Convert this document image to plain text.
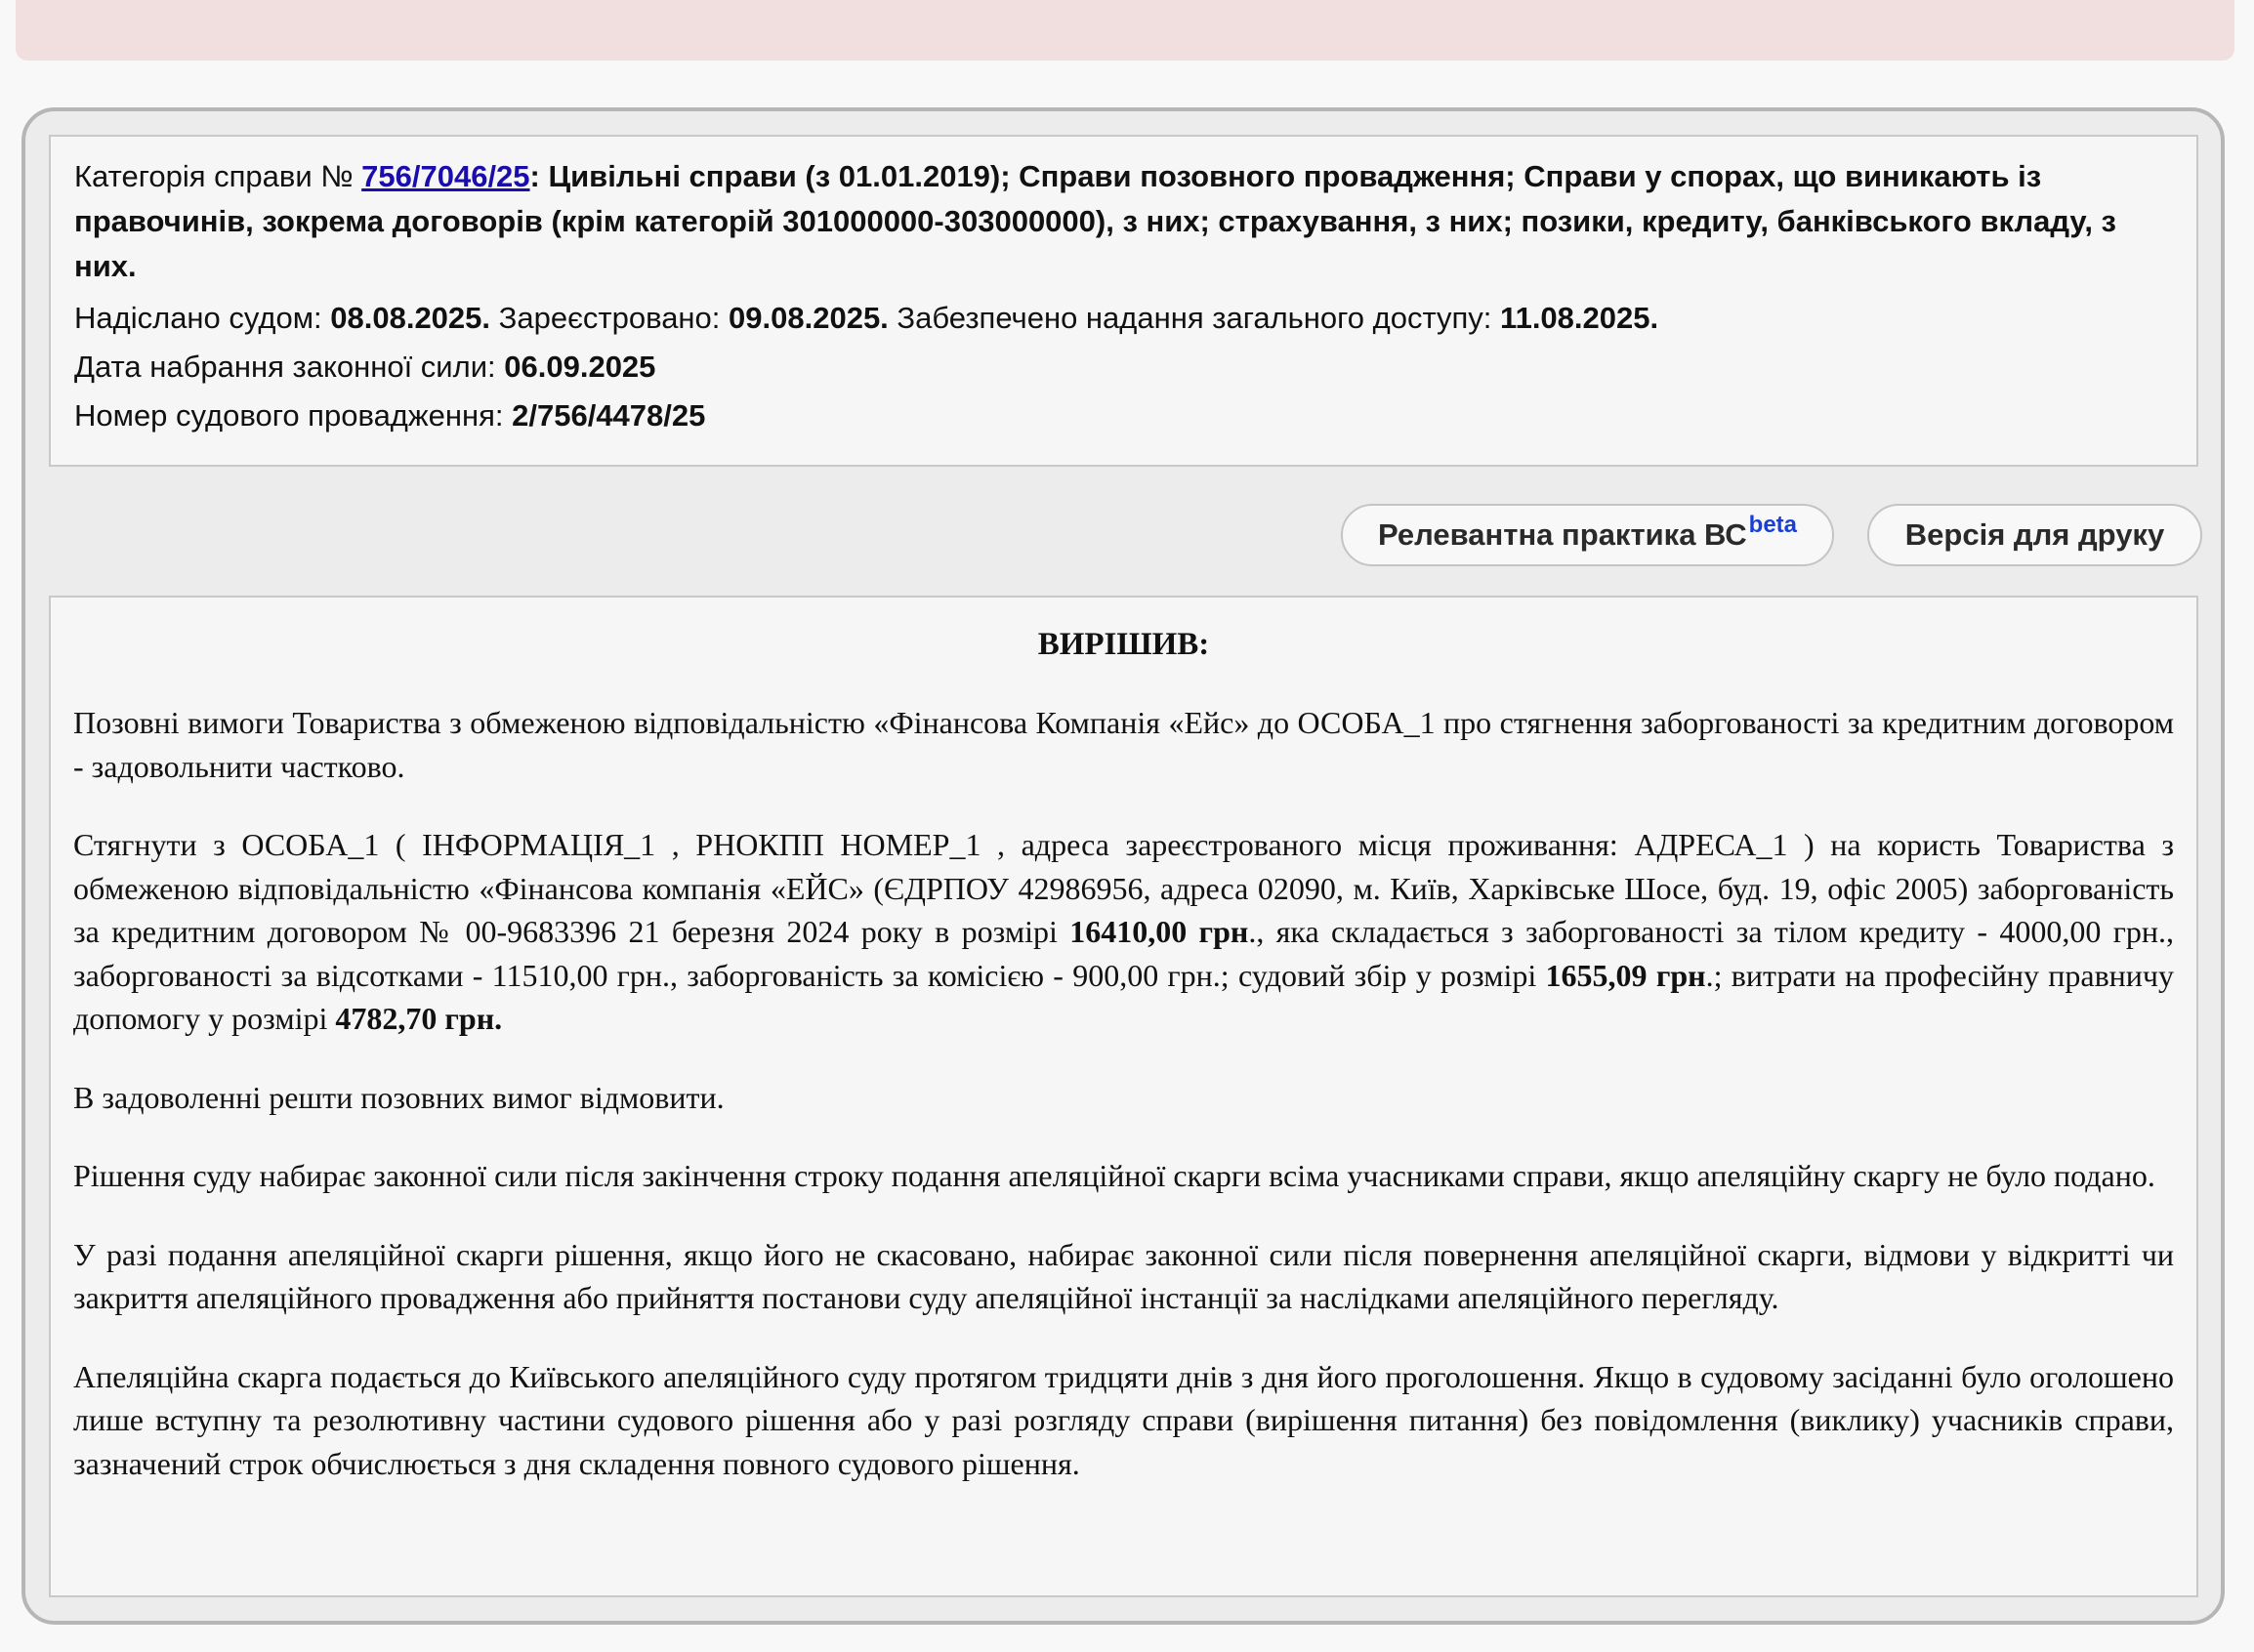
Категорія справи № 756/7046/25: Цивільні справи (з 01.01.2019); Справи позовного провадження; Справи у спорах, що виникають із правочинів, зокрема договорів (крім категорій 301000000-303000000), з них; страхування, з них; позики, кредиту, банківського вкладу, з них.

Надіслано судом: 08.08.2025. Зареєстровано: 09.08.2025. Забезпечено надання загального доступу: 11.08.2025.

Дата набрання законної сили: 06.09.2025

Номер судового провадження: 2/756/4478/25

Релевантна практика $ВС^{beta}$	Версія для друку
ВИРІШИВ:

Позовні вимоги Товариства з обмеженою відповідальністю «Фінансова Компанія «Ейс» до ОСОБА_1 про стягнення заборгованості за кредитним договором - задовольнити частково.

Стягнути з ОСОБА_1 ( ІНФОРМАЦІЯ_1 , РНОКПП НОМЕР_1 , адреса зареєстрованого місця проживання: АДРЕСА_1 ) на користь Товариства з обмеженою відповідальністю «Фінансова компанія «ЕЙС» (ЄДРПОУ 42986956, адреса 02090, м. Київ, Харківське Шосе, буд. 19, офіс 2005) заборгованість за кредитним договором № 00-9683396 21 березня 2024 року в розмірі 16410,00 грн., яка складається з заборгованості за тілом кредиту - 4000,00 грн., заборгованості за відсотками - 11510,00 грн., заборгованість за комісією - 900,00 грн.; судовий збір у розмірі 1655,09 грн.; витрати на професійну правничу допомогу у розмірі 4782,70 грн.

В задоволенні решти позовних вимог відмовити.

Рішення суду набирає законної сили після закінчення строку подання апеляційної скарги всіма учасниками справи, якщо апеляційну скаргу не було подано.

У разі подання апеляційної скарги рішення, якщо його не скасовано, набирає законної сили після повернення апеляційної скарги, відмови у відкритті чи закриття апеляційного провадження або прийняття постанови суду апеляційної інстанції за наслідками апеляційного перегляду.

Апеляційна скарга подається до Київського апеляційного суду протягом тридцяти днів з дня його проголошення. Якщо в судовому засіданні було оголошено лише вступну та резолютивну частини судового рішення або у разі розгляду справи (вирішення питання) без повідомлення (виклику) учасників справи, зазначений строк обчислюється з дня складення повного судового рішення.
